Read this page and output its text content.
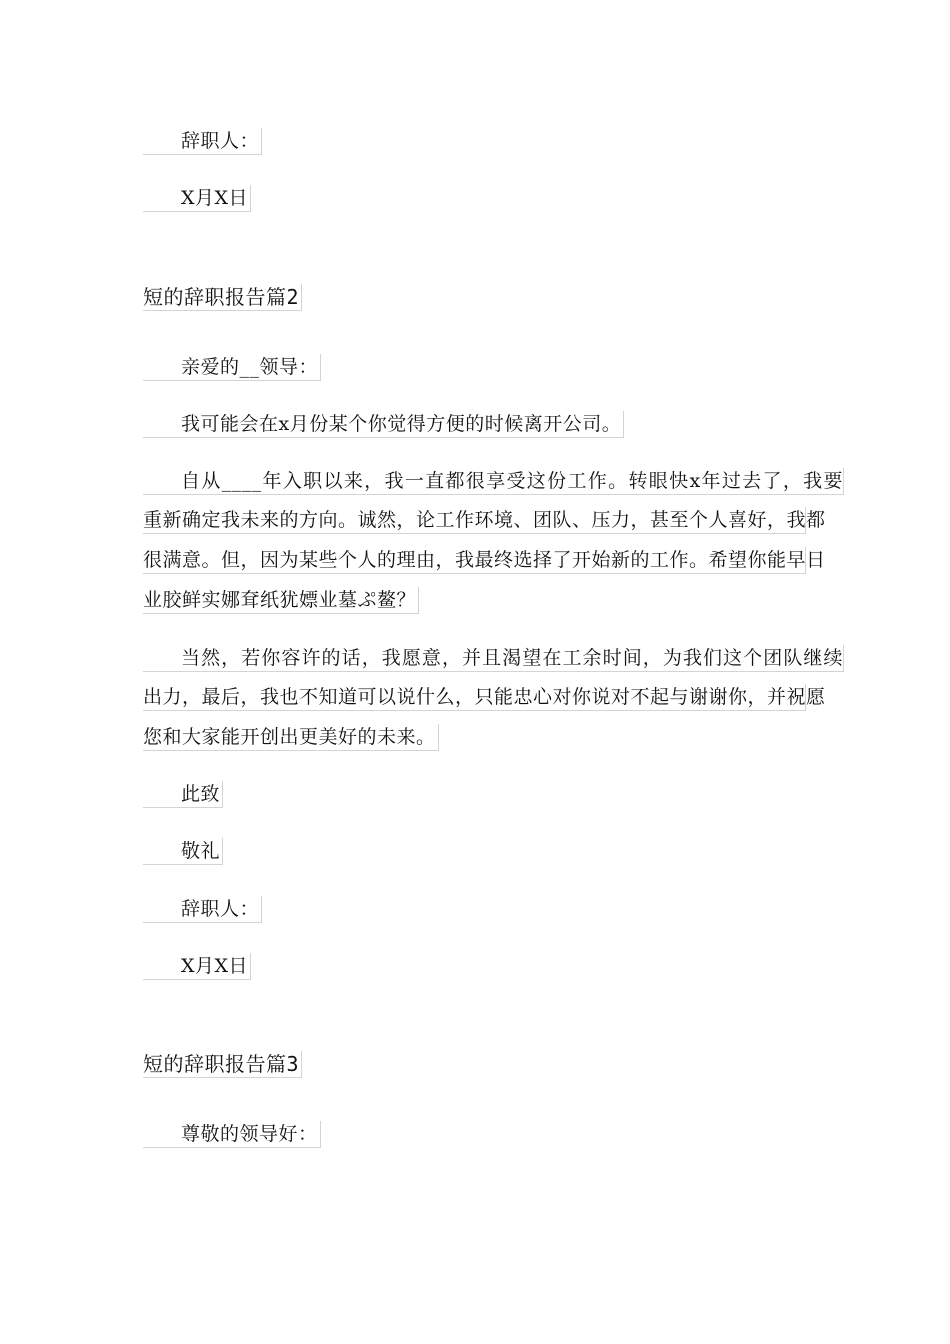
辞职人：
X月X日
短的辞职报告篇2
亲爱的__领导：
我可能会在x月份某个你觉得方便的时候离开公司。
自从____年入职以来，我一直都很享受这份工作。转眼快x年过去了，我要
重新确定我未来的方向。诚然，论工作环境、团队、压力，甚至个人喜好，我都
很满意。但，因为某些个人的理由，我最终选择了开始新的工作。希望你能早日
业胶鲜实娜耷纸犹嫖业墓ぷ鳌？
当然，若你容许的话，我愿意，并且渴望在工余时间，为我们这个团队继续
出力，最后，我也不知道可以说什么，只能忠心对你说对不起与谢谢你，并祝愿
您和大家能开创出更美好的未来。
此致
敬礼
辞职人：
X月X日
短的辞职报告篇3
尊敬的领导好：
